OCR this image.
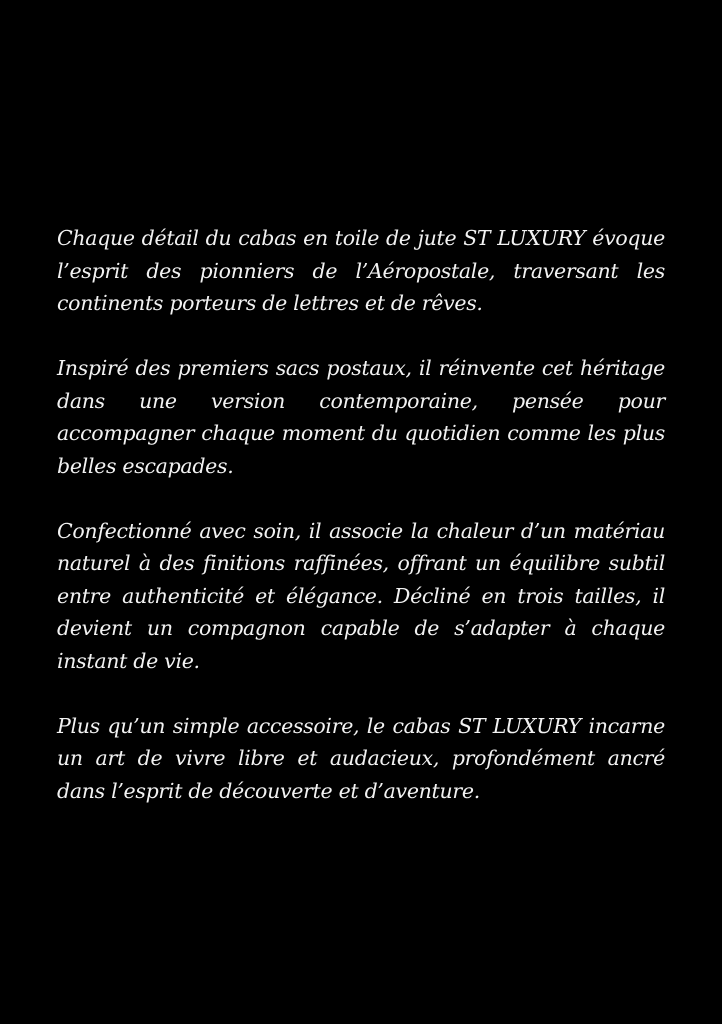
Chaque détail du cabas en toile de jute ST LUXURY évoque l’esprit des pionniers de l’Aéropostale, traversant les continents porteurs de lettres et de rêves.

Inspiré des premiers sacs postaux, il réinvente cet héritage dans une version contemporaine, pensée pour accompagner chaque moment du quotidien comme les plus belles escapades.

Confectionné avec soin, il associe la chaleur d’un matériau naturel à des finitions raffinées, offrant un équilibre subtil entre authenticité et élégance. Décliné en trois tailles, il devient un compagnon capable de s’adapter à chaque instant de vie.

Plus qu’un simple accessoire, le cabas ST LUXURY incarne un art de vivre libre et audacieux, profondément ancré dans l’esprit de découverte et d’aventure.
